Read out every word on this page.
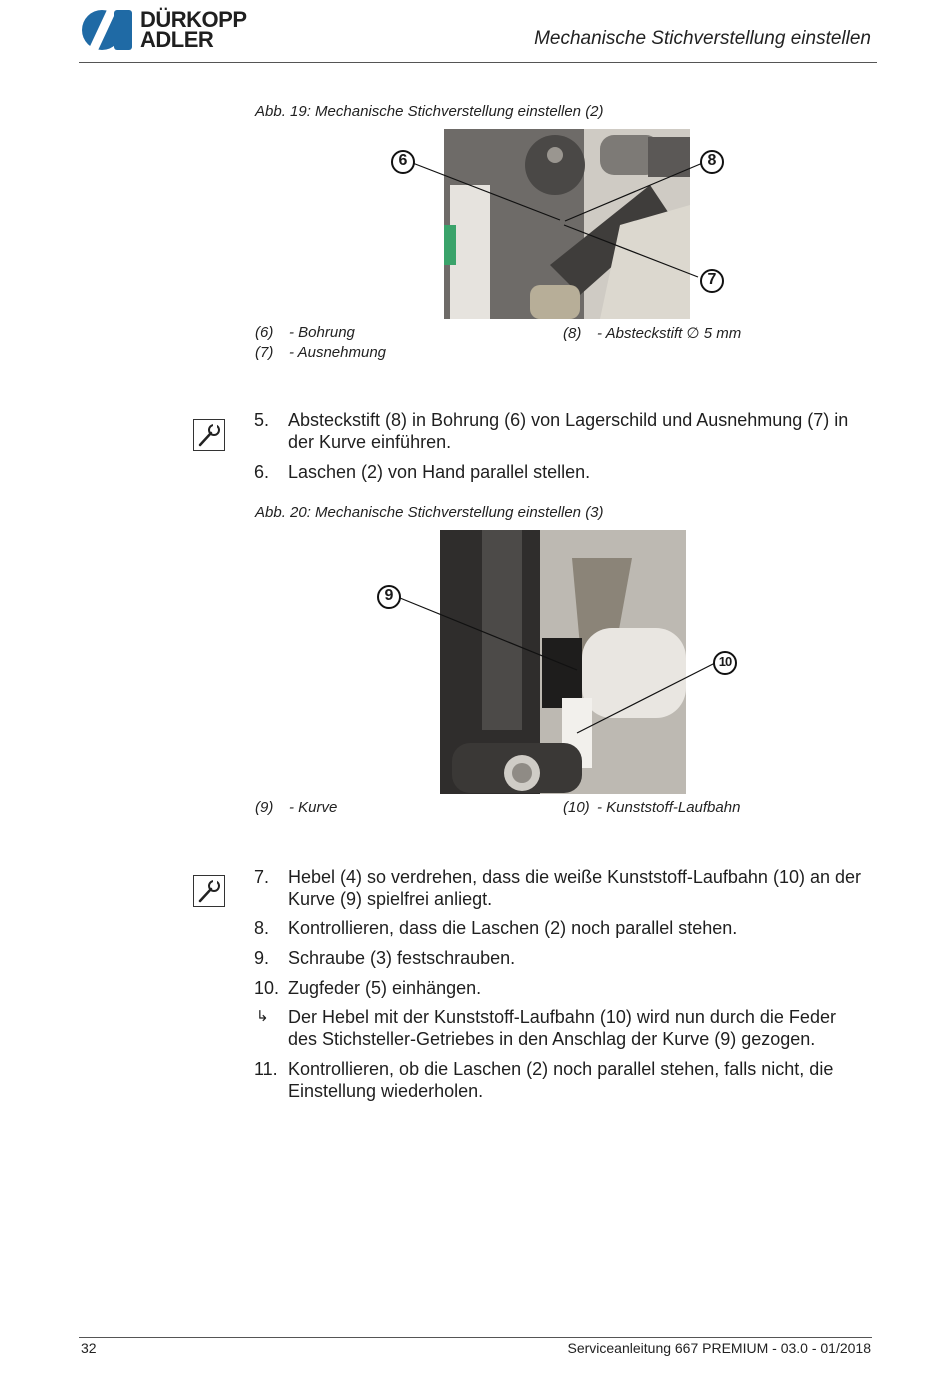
DÜRKOPP
ADLER	Mechanische Stichverstellung einstellen
Abb. 19: Mechanische Stichverstellung einstellen (2)
6	8
7
(6) - Bohrung	(8) - Absteckstift ∅ 5 mm
(7) - Ausnehmung
5. Absteckstift (8) in Bohrung (6) von Lagerschild und Ausnehmung (7) in der Kurve einführen.
6. Laschen (2) von Hand parallel stellen.
Abb. 20: Mechanische Stichverstellung einstellen (3)
9
10
(9) - Kurve	(10) - Kunststoff-Laufbahn
7. Hebel (4) so verdrehen, dass die weiße Kunststoff-Laufbahn (10) an der Kurve (9) spielfrei anliegt.
8. Kontrollieren, dass die Laschen (2) noch parallel stehen.
9. Schraube (3) festschrauben.
10. Zugfeder (5) einhängen.
↳ Der Hebel mit der Kunststoff-Laufbahn (10) wird nun durch die Feder des Stichsteller-Getriebes in den Anschlag der Kurve (9) gezogen.
11. Kontrollieren, ob die Laschen (2) noch parallel stehen, falls nicht, die Einstellung wiederholen.
32	Serviceanleitung 667 PREMIUM - 03.0 - 01/2018
